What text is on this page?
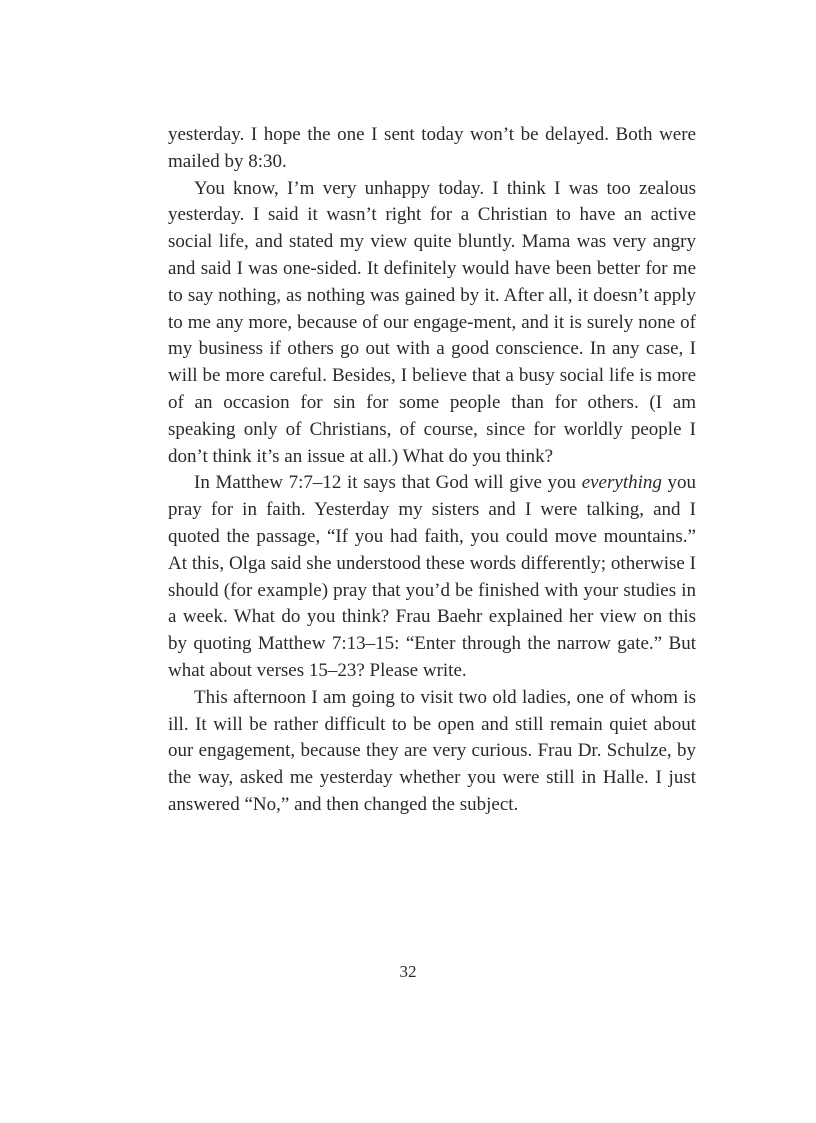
yesterday. I hope the one I sent today won’t be delayed. Both were mailed by 8:30.

You know, I’m very unhappy today. I think I was too zealous yesterday. I said it wasn’t right for a Christian to have an active social life, and stated my view quite bluntly. Mama was very angry and said I was one-sided. It definitely would have been better for me to say nothing, as nothing was gained by it. After all, it doesn’t apply to me any more, because of our engage-ment, and it is surely none of my business if others go out with a good conscience. In any case, I will be more careful. Besides, I believe that a busy social life is more of an occasion for sin for some people than for others. (I am speaking only of Christians, of course, since for worldly people I don’t think it’s an issue at all.) What do you think?

In Matthew 7:7–12 it says that God will give you everything you pray for in faith. Yesterday my sisters and I were talking, and I quoted the passage, “If you had faith, you could move mountains.” At this, Olga said she understood these words differently; otherwise I should (for example) pray that you’d be finished with your studies in a week. What do you think? Frau Baehr explained her view on this by quoting Matthew 7:13–15: “Enter through the narrow gate.” But what about verses 15–23? Please write.

This afternoon I am going to visit two old ladies, one of whom is ill. It will be rather difficult to be open and still remain quiet about our engagement, because they are very curious. Frau Dr. Schulze, by the way, asked me yesterday whether you were still in Halle. I just answered “No,” and then changed the subject.

32
